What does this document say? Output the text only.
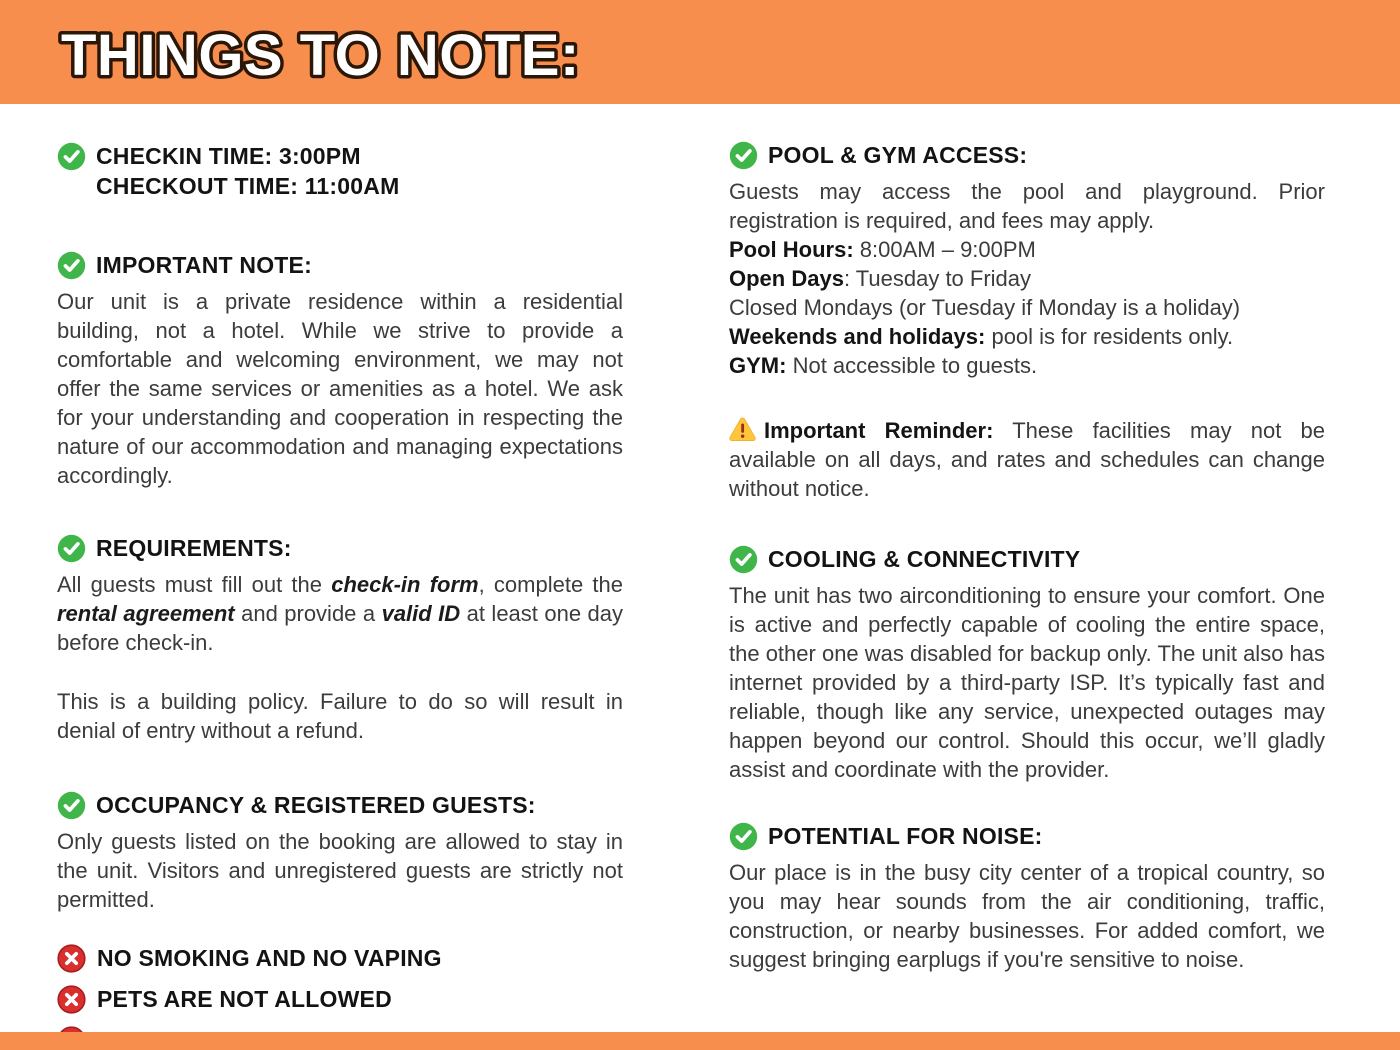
THINGS TO NOTE:
CHECKIN TIME: 3:00PM
CHECKOUT TIME: 11:00AM
IMPORTANT NOTE:

Our unit is a private residence within a residential building, not a hotel. While we strive to provide a comfortable and welcoming environment, we may not offer the same services or amenities as a hotel. We ask for your understanding and cooperation in respecting the nature of our accommodation and managing expectations accordingly.

REQUIREMENTS:

All guests must fill out the check-in form, complete the rental agreement and provide a valid ID at least one day before check-in.

This is a building policy. Failure to do so will result in denial of entry without a refund.

OCCUPANCY & REGISTERED GUESTS:

Only guests listed on the booking are allowed to stay in the unit. Visitors and unregistered guests are strictly not permitted.

NO SMOKING AND NO VAPING
PETS ARE NOT ALLOWED
POOL & GYM ACCESS:

Guests may access the pool and playground. Prior registration is required, and fees may apply.

Pool Hours: 8:00AM – 9:00PM
Open Days: Tuesday to Friday
Closed Mondays (or Tuesday if Monday is a holiday)
Weekends and holidays: pool is for residents only.
GYM: Not accessible to guests.

Important Reminder: These facilities may not be available on all days, and rates and schedules can change without notice.

COOLING & CONNECTIVITY

The unit has two airconditioning to ensure your comfort. One is active and perfectly capable of cooling the entire space, the other one was disabled for backup only. The unit also has internet provided by a third-party ISP. It’s typically fast and reliable, though like any service, unexpected outages may happen beyond our control. Should this occur, we’ll gladly assist and coordinate with the provider.

POTENTIAL FOR NOISE:

Our place is in the busy city center of a tropical country, so you may hear sounds from the air conditioning, traffic, construction, or nearby businesses. For added comfort, we suggest bringing earplugs if you're sensitive to noise.
